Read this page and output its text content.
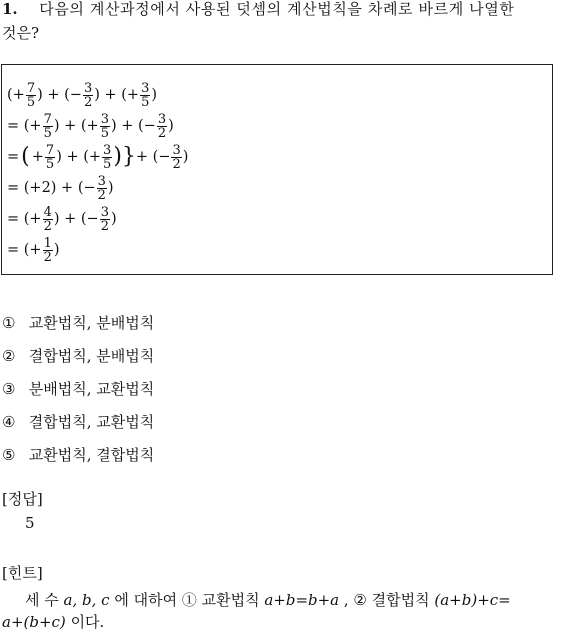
1. 다음의 계산과정에서 사용된 덧셈의 계산법칙을 차례로 바르게 나열한
것은?
(+ $\frac{7}{5}$ ) + (− $\frac{3}{2}$ ) + (+ $\frac{3}{5}$ )
= (+ $\frac{7}{5}$ ) + (+ $\frac{3}{5}$ ) + (− $\frac{3}{2}$ )
= ( + $\frac{7}{5}$ ) + (+ $\frac{3}{5}$ )} + (− $\frac{3}{2}$ )
= (+2) + (− $\frac{3}{2}$ )
= (+ $\frac{4}{2}$ ) + (− $\frac{3}{2}$ )
= (+ $\frac{1}{2}$ )
① 교환법칙, 분배법칙
② 결합법칙, 분배법칙
③ 분배법칙, 교환법칙
④ 결합법칙, 교환법칙
⑤ 교환법칙, 결합법칙
[정답]
5
[힌트]
세 수 a, b, c 에 대하여 ① 교환법칙 a+b=b+a , ② 결합법칙 (a+b)+c=
a+(b+c) 이다.
